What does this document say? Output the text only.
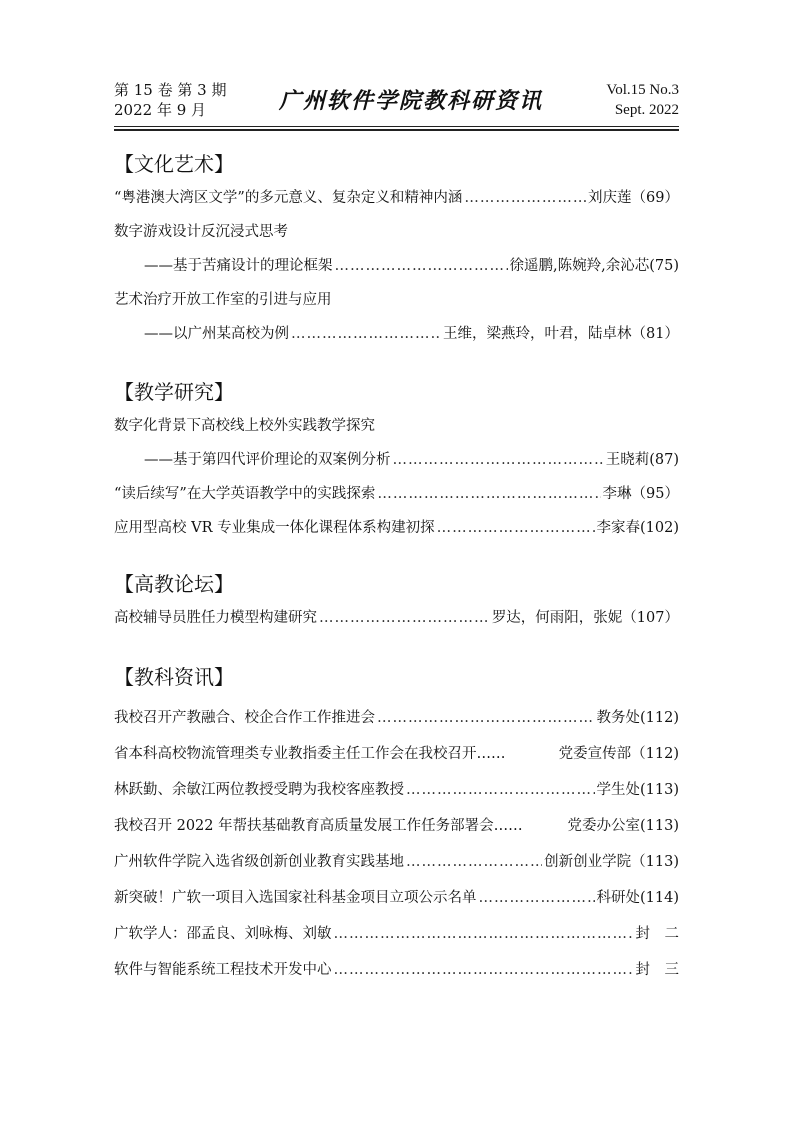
第 15 卷 第 3 期
2022 年 9 月	广州软件学院教科研资讯	Vol.15 No.3
Sept. 2022
【文化艺术】
“粤港澳大湾区文学”的多元意义、复杂定义和精神内涵 …………………………………………………………………………………………………………………………	刘庆莲（69）
数字游戏设计反沉浸式思考
——基于苦痛设计的理论框架 …………………………………………………………………………………………………………………………	徐遥鹏,陈婉羚,余沁芯(75)
艺术治疗开放工作室的引进与应用
——以广州某高校为例 …………………………………………………………………………………………………………………………	王维，梁燕玲，叶君，陆卓林（81）
【教学研究】
数字化背景下高校线上校外实践教学探究
——基于第四代评价理论的双案例分析 …………………………………………………………………………………………………………………………	王晓莉(87)
“读后续写”在大学英语教学中的实践探索 …………………………………………………………………………………………………………………………	李琳（95）
应用型高校 VR 专业集成一体化课程体系构建初探 …………………………………………………………………………………………………………………………	李家春(102)
【高教论坛】
高校辅导员胜任力模型构建研究 …………………………………………………………………………………………………………………………	罗达，何雨阳，张妮（107）
【教科资讯】
我校召开产教融合、校企合作工作推进会 …………………………………………………………………………………………………………………………	教务处(112)
省本科高校物流管理类专业教指委主任工作会在我校召开……	党委宣传部（112)
林跃勤、余敏江两位教授受聘为我校客座教授 …………………………………………………………………………………………………………………………	学生处(113)
我校召开 2022 年帮扶基础教育高质量发展工作任务部署会……	党委办公室(113)
广州软件学院入选省级创新创业教育实践基地 …………………………………………………………………………………………………………………………	创新创业学院（113)
新突破！广软一项目入选国家社科基金项目立项公示名单 …………………………………………………………………………………………………………………………	科研处(114)
广软学人：邵孟良、刘咏梅、刘敏 …………………………………………………………………………………………………………………………	封　二
软件与智能系统工程技术开发中心 …………………………………………………………………………………………………………………………	封　三
